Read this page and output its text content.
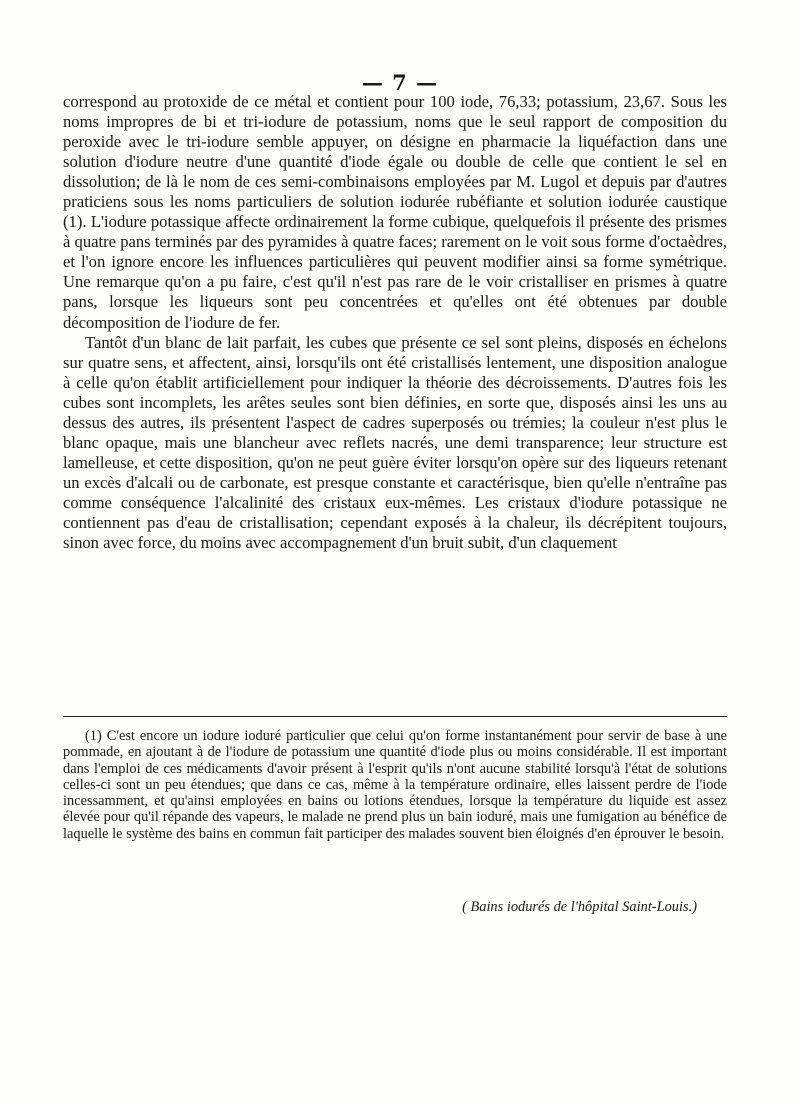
— 7 —

correspond au protoxide de ce métal et contient pour 100 iode, 76,33; potassium, 23,67. Sous les noms impropres de bi et tri-iodure de potassium, noms que le seul rapport de composition du peroxide avec le tri-iodure semble appuyer, on désigne en pharmacie la liquéfaction dans une solution d'iodure neutre d'une quantité d'iode égale ou double de celle que contient le sel en dissolution; de là le nom de ces semi-combinaisons employées par M. Lugol et depuis par d'autres praticiens sous les noms particuliers de solution iodurée rubéfiante et solution iodurée caustique (1). L'iodure potassique affecte ordinairement la forme cubique, quelquefois il présente des prismes à quatre pans terminés par des pyramides à quatre faces; rarement on le voit sous forme d'octaèdres, et l'on ignore encore les influences particulières qui peuvent modifier ainsi sa forme symétrique. Une remarque qu'on a pu faire, c'est qu'il n'est pas rare de le voir cristalliser en prismes à quatre pans, lorsque les liqueurs sont peu concentrées et qu'elles ont été obtenues par double décomposition de l'iodure de fer.

Tantôt d'un blanc de lait parfait, les cubes que présente ce sel sont pleins, disposés en échelons sur quatre sens, et affectent, ainsi, lorsqu'ils ont été cristallisés lentement, une disposition analogue à celle qu'on établit artificiellement pour indiquer la théorie des décroissements. D'autres fois les cubes sont incomplets, les arêtes seules sont bien définies, en sorte que, disposés ainsi les uns au dessus des autres, ils présentent l'aspect de cadres superposés ou trémies; la couleur n'est plus le blanc opaque, mais une blancheur avec reflets nacrés, une demi transparence; leur structure est lamelleuse, et cette disposition, qu'on ne peut guère éviter lorsqu'on opère sur des liqueurs retenant un excès d'alcali ou de carbonate, est presque constante et caractérisque, bien qu'elle n'entraîne pas comme conséquence l'alcalinité des cristaux eux-mêmes. Les cristaux d'iodure potassique ne contiennent pas d'eau de cristallisation; cependant exposés à la chaleur, ils décrépitent toujours, sinon avec force, du moins avec accompagnement d'un bruit subit, d'un claquement

(1) C'est encore un iodure ioduré particulier que celui qu'on forme instantanément pour servir de base à une pommade, en ajoutant à de l'iodure de potassium une quantité d'iode plus ou moins considérable. Il est important dans l'emploi de ces médicaments d'avoir présent à l'esprit qu'ils n'ont aucune stabilité lorsqu'à l'état de solutions celles-ci sont un peu étendues; que dans ce cas, même à la température ordinaire, elles laissent perdre de l'iode incessamment, et qu'ainsi employées en bains ou lotions étendues, lorsque la température du liquide est assez élevée pour qu'il répande des vapeurs, le malade ne prend plus un bain ioduré, mais une fumigation au bénéfice de laquelle le système des bains en commun fait participer des malades souvent bien éloignés d'en éprouver le besoin.

( Bains iodurés de l'hôpital Saint-Louis.)
